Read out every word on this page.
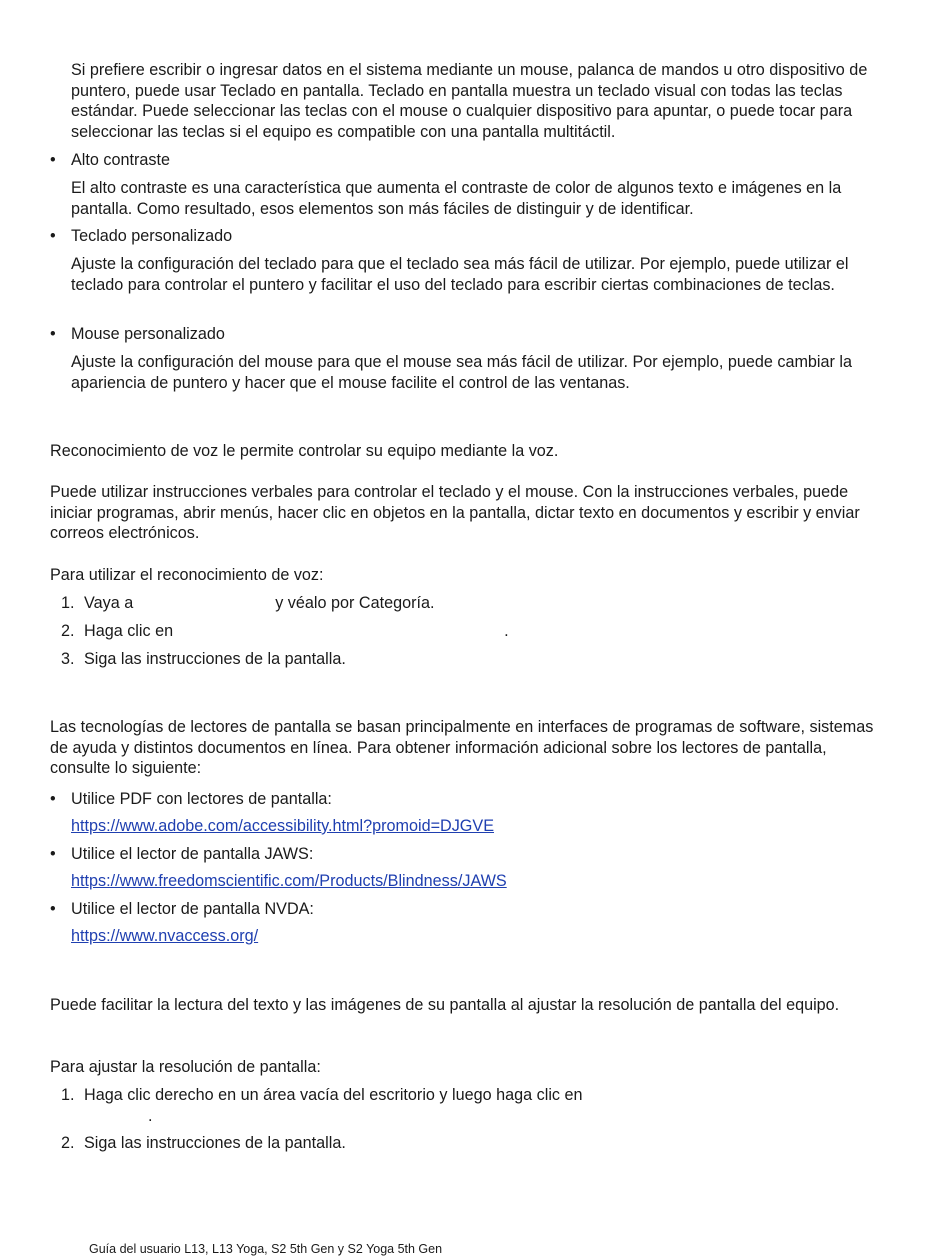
Si prefiere escribir o ingresar datos en el sistema mediante un mouse, palanca de mandos u otro dispositivo de puntero, puede usar Teclado en pantalla. Teclado en pantalla muestra un teclado visual con todas las teclas estándar. Puede seleccionar las teclas con el mouse o cualquier dispositivo para apuntar, o puede tocar para seleccionar las teclas si el equipo es compatible con una pantalla multitáctil.

• Alto contraste

El alto contraste es una característica que aumenta el contraste de color de algunos texto e imágenes en la pantalla. Como resultado, esos elementos son más fáciles de distinguir y de identificar.

• Teclado personalizado

Ajuste la configuración del teclado para que el teclado sea más fácil de utilizar. Por ejemplo, puede utilizar el teclado para controlar el puntero y facilitar el uso del teclado para escribir ciertas combinaciones de teclas.

• Mouse personalizado

Ajuste la configuración del mouse para que el mouse sea más fácil de utilizar. Por ejemplo, puede cambiar la apariencia de puntero y hacer que el mouse facilite el control de las ventanas.

Reconocimiento de voz le permite controlar su equipo mediante la voz.

Puede utilizar instrucciones verbales para controlar el teclado y el mouse. Con la instrucciones verbales, puede iniciar programas, abrir menús, hacer clic en objetos en la pantalla, dictar texto en documentos y escribir y enviar correos electrónicos.

Para utilizar el reconocimiento de voz:

1. Vaya a	y véalo por Categoría.
2. Haga clic en	.
3. Siga las instrucciones de la pantalla.

Las tecnologías de lectores de pantalla se basan principalmente en interfaces de programas de software, sistemas de ayuda y distintos documentos en línea. Para obtener información adicional sobre los lectores de pantalla, consulte lo siguiente:

• Utilice PDF con lectores de pantalla:
https://www.adobe.com/accessibility.html?promoid=DJGVE
• Utilice el lector de pantalla JAWS:
https://www.freedomscientific.com/Products/Blindness/JAWS
• Utilice el lector de pantalla NVDA:
https://www.nvaccess.org/

Puede facilitar la lectura del texto y las imágenes de su pantalla al ajustar la resolución de pantalla del equipo.

Para ajustar la resolución de pantalla:

1. Haga clic derecho en un área vacía del escritorio y luego haga clic en
.
2. Siga las instrucciones de la pantalla.
Guía del usuario L13, L13 Yoga, S2 5th Gen y S2 Yoga 5th Gen
